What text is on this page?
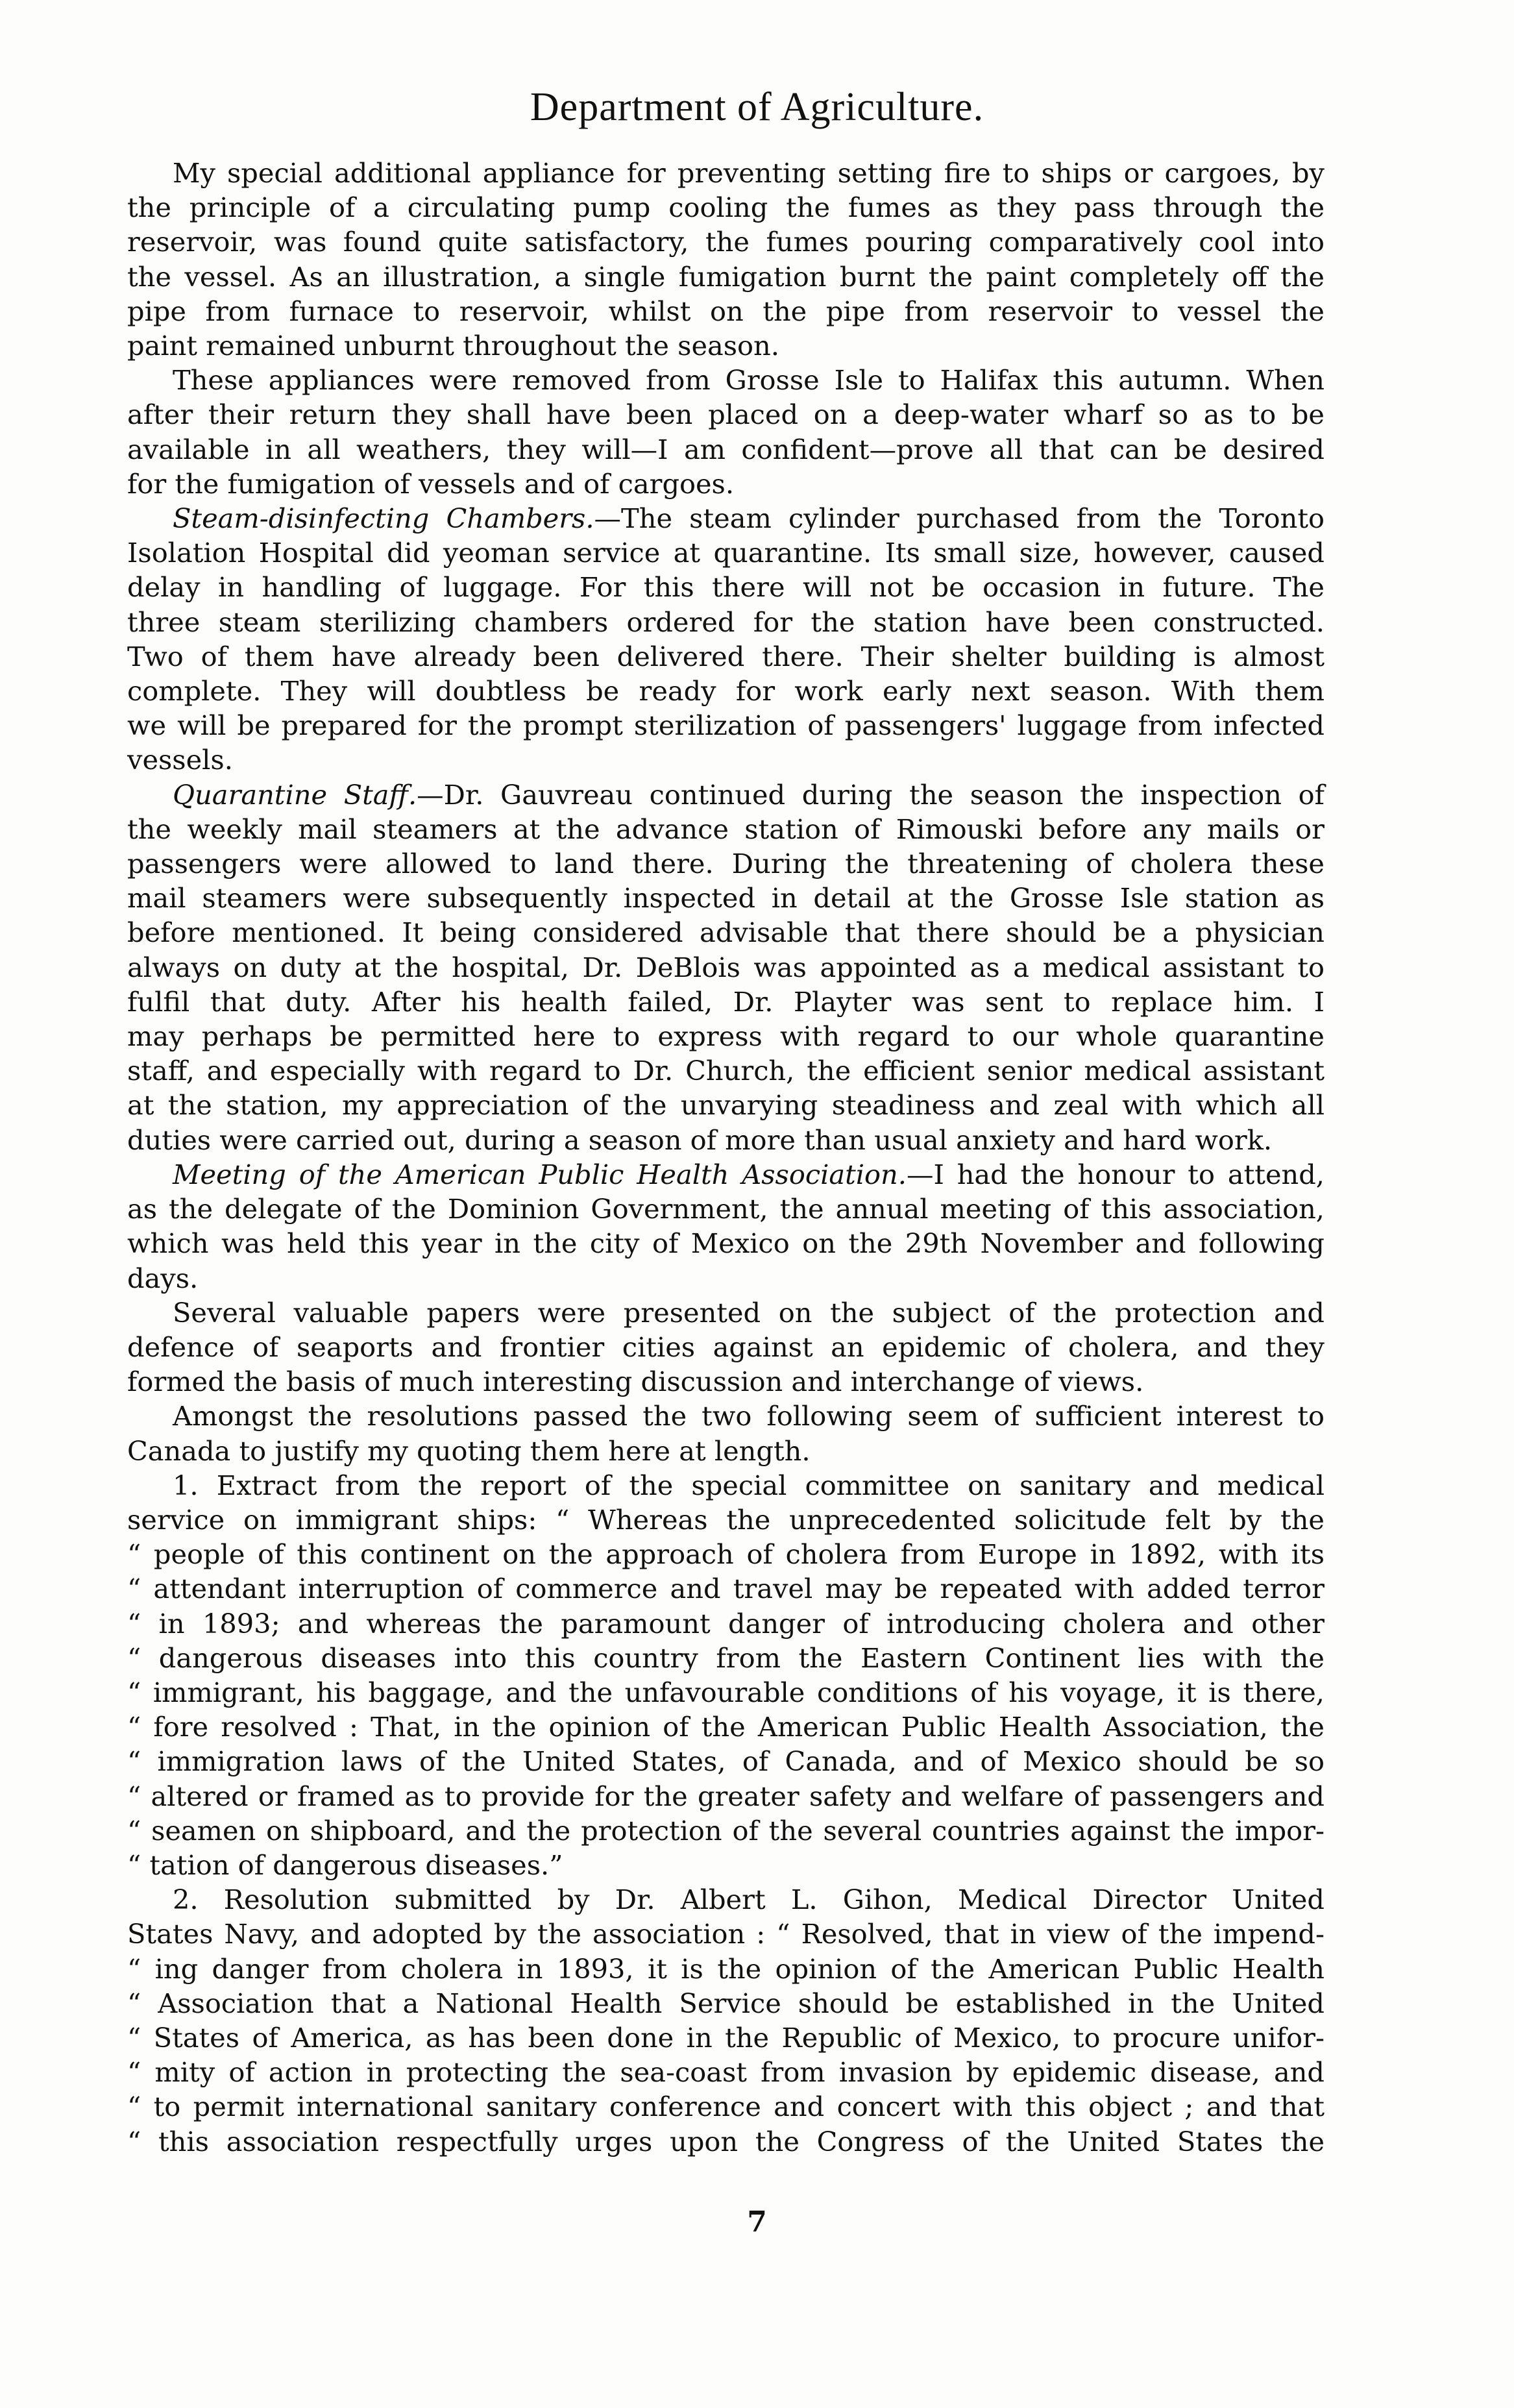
Department of Agriculture.
My special additional appliance for preventing setting fire to ships or cargoes, by
the principle of a circulating pump cooling the fumes as they pass through the
reservoir, was found quite satisfactory, the fumes pouring comparatively cool into
the vessel. As an illustration, a single fumigation burnt the paint completely off the
pipe from furnace to reservoir, whilst on the pipe from reservoir to vessel the
paint remained unburnt throughout the season.
These appliances were removed from Grosse Isle to Halifax this autumn. When
after their return they shall have been placed on a deep-water wharf so as to be
available in all weathers, they will—I am confident—prove all that can be desired
for the fumigation of vessels and of cargoes.
Steam-disinfecting Chambers.—The steam cylinder purchased from the Toronto
Isolation Hospital did yeoman service at quarantine. Its small size, however, caused
delay in handling of luggage. For this there will not be occasion in future. The
three steam sterilizing chambers ordered for the station have been constructed.
Two of them have already been delivered there. Their shelter building is almost
complete. They will doubtless be ready for work early next season. With them
we will be prepared for the prompt sterilization of passengers' luggage from infected
vessels.
Quarantine Staff.—Dr. Gauvreau continued during the season the inspection of
the weekly mail steamers at the advance station of Rimouski before any mails or
passengers were allowed to land there. During the threatening of cholera these
mail steamers were subsequently inspected in detail at the Grosse Isle station as
before mentioned. It being considered advisable that there should be a physician
always on duty at the hospital, Dr. DeBlois was appointed as a medical assistant to
fulfil that duty. After his health failed, Dr. Playter was sent to replace him. I
may perhaps be permitted here to express with regard to our whole quarantine
staff, and especially with regard to Dr. Church, the efficient senior medical assistant
at the station, my appreciation of the unvarying steadiness and zeal with which all
duties were carried out, during a season of more than usual anxiety and hard work.
Meeting of the American Public Health Association.—I had the honour to attend,
as the delegate of the Dominion Government, the annual meeting of this association,
which was held this year in the city of Mexico on the 29th November and following
days.
Several valuable papers were presented on the subject of the protection and
defence of seaports and frontier cities against an epidemic of cholera, and they
formed the basis of much interesting discussion and interchange of views.
Amongst the resolutions passed the two following seem of sufficient interest to
Canada to justify my quoting them here at length.
1. Extract from the report of the special committee on sanitary and medical
service on immigrant ships: “ Whereas the unprecedented solicitude felt by the
“ people of this continent on the approach of cholera from Europe in 1892, with its
“ attendant interruption of commerce and travel may be repeated with added terror
“ in 1893; and whereas the paramount danger of introducing cholera and other
“ dangerous diseases into this country from the Eastern Continent lies with the
“ immigrant, his baggage, and the unfavourable conditions of his voyage, it is there,
“ fore resolved : That, in the opinion of the American Public Health Association, the
“ immigration laws of the United States, of Canada, and of Mexico should be so
“ altered or framed as to provide for the greater safety and welfare of passengers and
“ seamen on shipboard, and the protection of the several countries against the impor-
“ tation of dangerous diseases.”
2. Resolution submitted by Dr. Albert L. Gihon, Medical Director United
States Navy, and adopted by the association : “ Resolved, that in view of the impend-
“ ing danger from cholera in 1893, it is the opinion of the American Public Health
“ Association that a National Health Service should be established in the United
“ States of America, as has been done in the Republic of Mexico, to procure unifor-
“ mity of action in protecting the sea-coast from invasion by epidemic disease, and
“ to permit international sanitary conference and concert with this object ; and that
“ this association respectfully urges upon the Congress of the United States the
7
